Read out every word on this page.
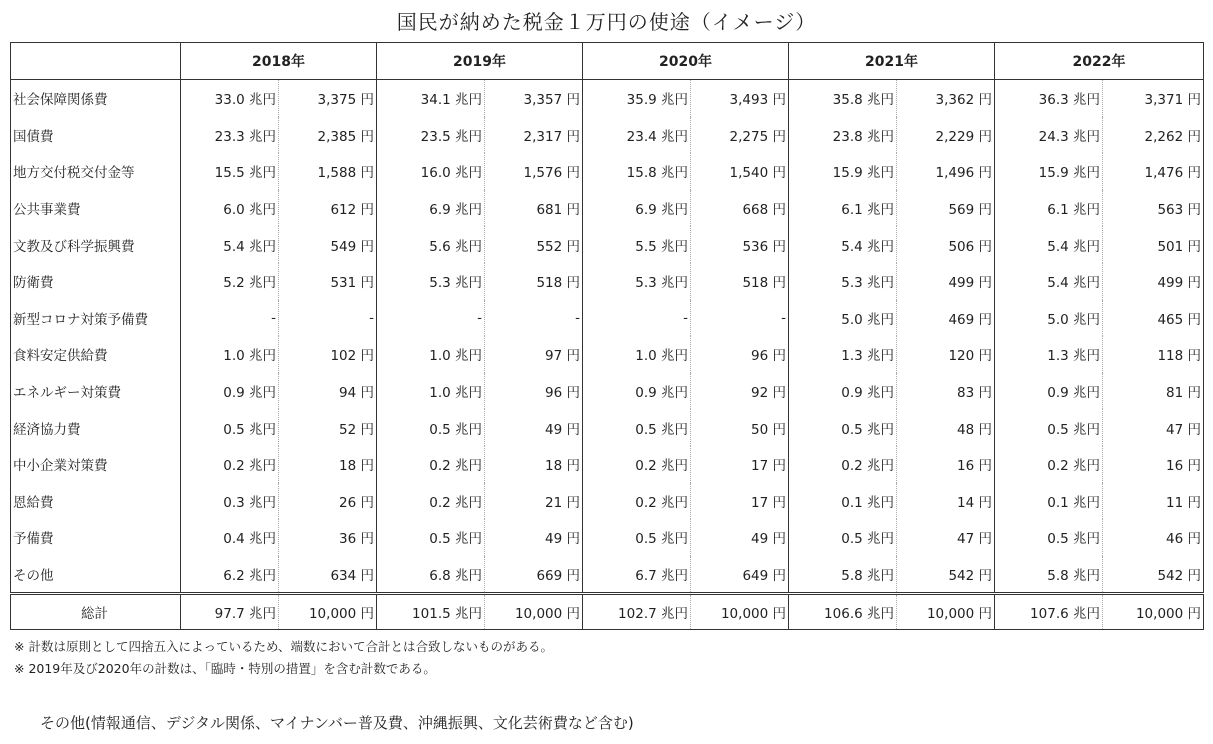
国民が納めた税金１万円の使途（イメージ）
	2018年		2019年		2020年		2021年		2022年	
社会保障関係費	33.0 兆円	3,375 円	34.1 兆円	3,357 円	35.9 兆円	3,493 円	35.8 兆円	3,362 円	36.3 兆円	3,371 円
国債費	23.3 兆円	2,385 円	23.5 兆円	2,317 円	23.4 兆円	2,275 円	23.8 兆円	2,229 円	24.3 兆円	2,262 円
地方交付税交付金等	15.5 兆円	1,588 円	16.0 兆円	1,576 円	15.8 兆円	1,540 円	15.9 兆円	1,496 円	15.9 兆円	1,476 円
公共事業費	6.0 兆円	612 円	6.9 兆円	681 円	6.9 兆円	668 円	6.1 兆円	569 円	6.1 兆円	563 円
文教及び科学振興費	5.4 兆円	549 円	5.6 兆円	552 円	5.5 兆円	536 円	5.4 兆円	506 円	5.4 兆円	501 円
防衛費	5.2 兆円	531 円	5.3 兆円	518 円	5.3 兆円	518 円	5.3 兆円	499 円	5.4 兆円	499 円
新型コロナ対策予備費	-	-	-	-	-	-	5.0 兆円	469 円	5.0 兆円	465 円
食料安定供給費	1.0 兆円	102 円	1.0 兆円	97 円	1.0 兆円	96 円	1.3 兆円	120 円	1.3 兆円	118 円
エネルギー対策費	0.9 兆円	94 円	1.0 兆円	96 円	0.9 兆円	92 円	0.9 兆円	83 円	0.9 兆円	81 円
経済協力費	0.5 兆円	52 円	0.5 兆円	49 円	0.5 兆円	50 円	0.5 兆円	48 円	0.5 兆円	47 円
中小企業対策費	0.2 兆円	18 円	0.2 兆円	18 円	0.2 兆円	17 円	0.2 兆円	16 円	0.2 兆円	16 円
恩給費	0.3 兆円	26 円	0.2 兆円	21 円	0.2 兆円	17 円	0.1 兆円	14 円	0.1 兆円	11 円
予備費	0.4 兆円	36 円	0.5 兆円	49 円	0.5 兆円	49 円	0.5 兆円	47 円	0.5 兆円	46 円
その他	6.2 兆円	634 円	6.8 兆円	669 円	6.7 兆円	649 円	5.8 兆円	542 円	5.8 兆円	542 円
総計	97.7 兆円	10,000 円	101.5 兆円	10,000 円	102.7 兆円	10,000 円	106.6 兆円	10,000 円	107.6 兆円	10,000 円
※ 計数は原則として四捨五入によっているため、端数において合計とは合致しないものがある。
※ 2019年及び2020年の計数は、「臨時・特別の措置」を含む計数である。
その他(情報通信、デジタル関係、マイナンバー普及費、沖縄振興、文化芸術費など含む)
